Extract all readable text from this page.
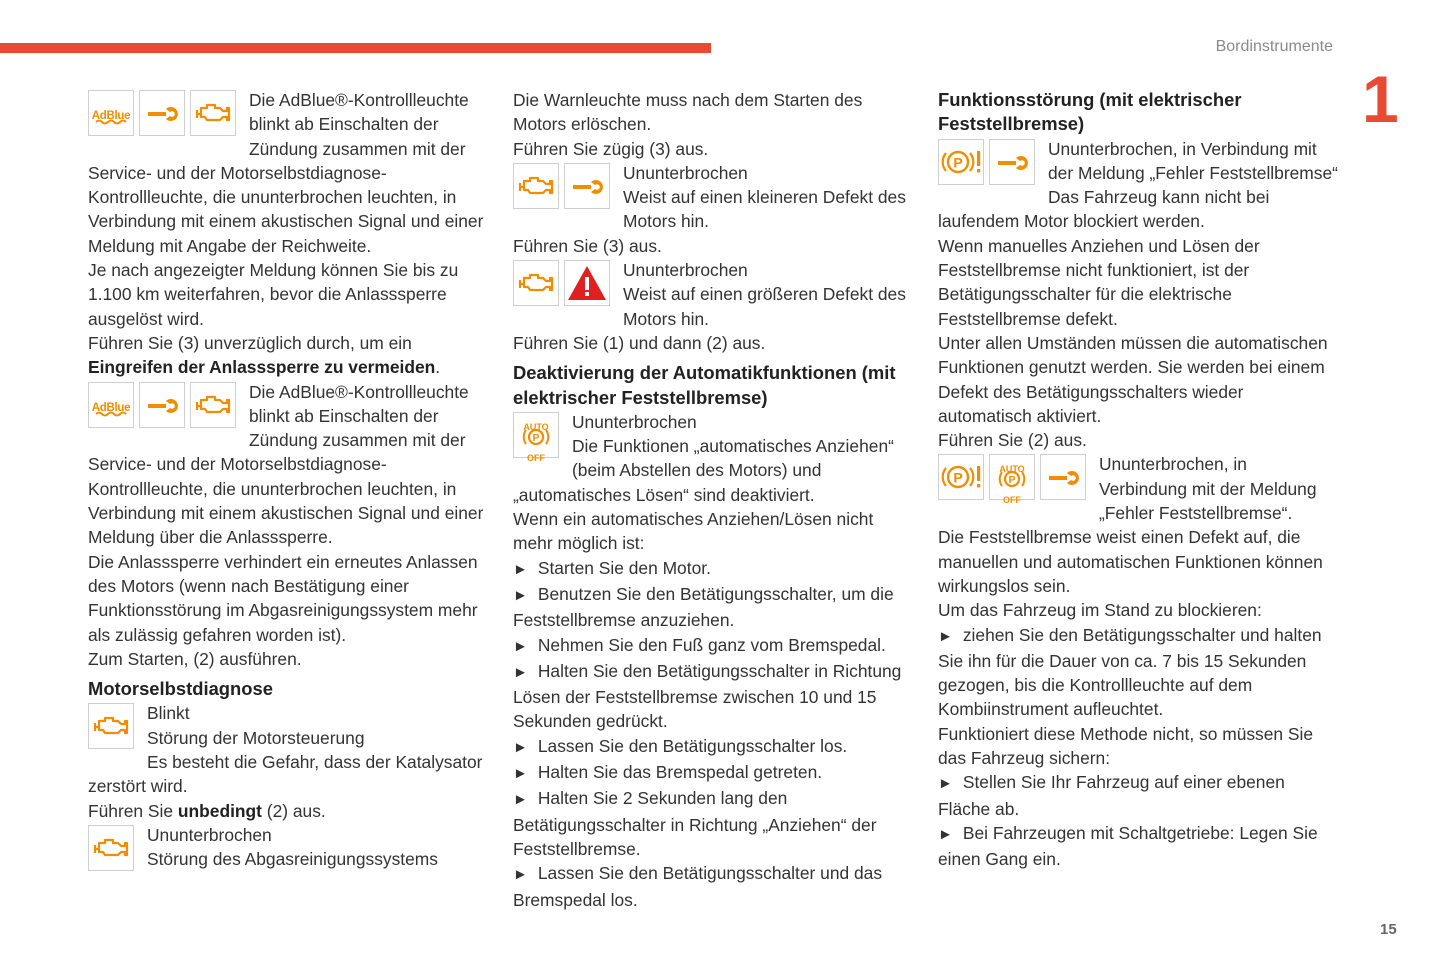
Bordinstrumente
1
15
AdBlue

Die AdBlue®-Kontrollleuchte blinkt ab Einschalten der Zündung zusammen mit der Service- und der Motorselbstdiagnose-Kontrollleuchte, die ununterbrochen leuchten, in Verbindung mit einem akustischen Signal und einer Meldung mit Angabe der Reichweite.

Je nach angezeigter Meldung können Sie bis zu 1.100 km weiterfahren, bevor die Anlasssperre ausgelöst wird.

Führen Sie (3) unverzüglich durch, um ein Eingreifen der Anlasssperre zu vermeiden.

AdBlue

Die AdBlue®-Kontrollleuchte blinkt ab Einschalten der Zündung zusammen mit der Service- und der Motorselbstdiagnose-Kontrollleuchte, die ununterbrochen leuchten, in Verbindung mit einem akustischen Signal und einer Meldung über die Anlasssperre.

Die Anlasssperre verhindert ein erneutes Anlassen des Motors (wenn nach Bestätigung einer Funktionsstörung im Abgasreinigungssystem mehr als zulässig gefahren worden ist).

Zum Starten, (2) ausführen.

Motorselbstdiagnose

Blinkt

Störung der Motorsteuerung

Es besteht die Gefahr, dass der Katalysator zerstört wird.

Führen Sie unbedingt (2) aus.

Ununterbrochen

Störung des Abgasreinigungssystems

Die Warnleuchte muss nach dem Starten des Motors erlöschen.

Führen Sie zügig (3) aus.

Ununterbrochen

Weist auf einen kleineren Defekt des Motors hin.

Führen Sie (3) aus.

Ununterbrochen

Weist auf einen größeren Defekt des Motors hin.

Führen Sie (1) und dann (2) aus.

Deaktivierung der Automatikfunktionen (mit elektrischer Feststellbremse)
AUTO
OFF

Ununterbrochen

Die Funktionen „automatisches Anziehen“ (beim Abstellen des Motors) und „automatisches Lösen“ sind deaktiviert.

Wenn ein automatisches Anziehen/Lösen nicht mehr möglich ist:

► Starten Sie den Motor.

► Benutzen Sie den Betätigungsschalter, um die Feststellbremse anzuziehen.

► Nehmen Sie den Fuß ganz vom Bremspedal.

► Halten Sie den Betätigungsschalter in Richtung Lösen der Feststellbremse zwischen 10 und 15 Sekunden gedrückt.

► Lassen Sie den Betätigungsschalter los.

► Halten Sie das Bremspedal getreten.

► Halten Sie 2 Sekunden lang den Betätigungsschalter in Richtung „Anziehen“ der Feststellbremse.

► Lassen Sie den Betätigungsschalter und das Bremspedal los.

Funktionsstörung (mit elektrischer Feststellbremse)

Ununterbrochen, in Verbindung mit der Meldung „Fehler Feststellbremse“

Das Fahrzeug kann nicht bei laufendem Motor blockiert werden.

Wenn manuelles Anziehen und Lösen der Feststellbremse nicht funktioniert, ist der Betätigungsschalter für die elektrische Feststellbremse defekt.

Unter allen Umständen müssen die automatischen Funktionen genutzt werden. Sie werden bei einem Defekt des Betätigungsschalters wieder automatisch aktiviert.

Führen Sie (2) aus.

AUTO
OFF

Ununterbrochen, in Verbindung mit der Meldung „Fehler Feststellbremse“.

Die Feststellbremse weist einen Defekt auf, die manuellen und automatischen Funktionen können wirkungslos sein.

Um das Fahrzeug im Stand zu blockieren:

► ziehen Sie den Betätigungsschalter und halten Sie ihn für die Dauer von ca. 7 bis 15 Sekunden gezogen, bis die Kontrollleuchte auf dem Kombiinstrument aufleuchtet.

Funktioniert diese Methode nicht, so müssen Sie das Fahrzeug sichern:

► Stellen Sie Ihr Fahrzeug auf einer ebenen Fläche ab.

► Bei Fahrzeugen mit Schaltgetriebe: Legen Sie einen Gang ein.
